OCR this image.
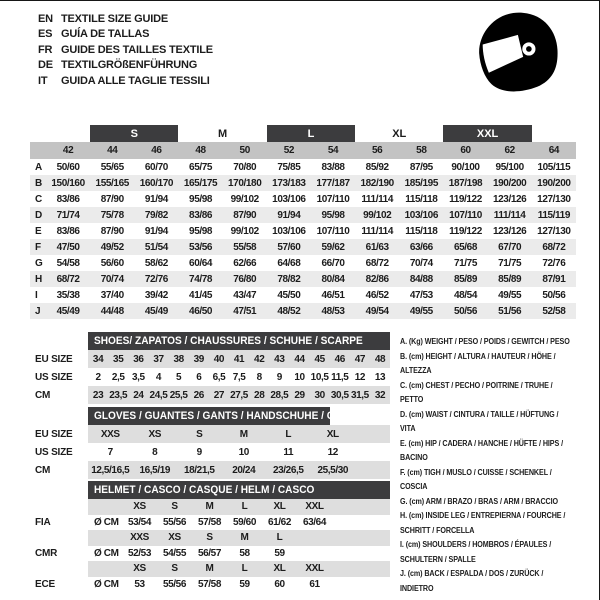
EN TEXTILE SIZE GUIDE
ES GUÍA DE TALLAS
FR GUIDE DES TAILLES TEXTILE
DE TEXTILGRÖßENFÜHRUNG
IT	GUIDA ALLE TAGLIE TESSILI
		S		M		L		XL		XXL		
	42	44	46	48	50	52	54	56	58	60	62	64
A	50/60	55/65	60/70	65/75	70/80	75/85	83/88	85/92	87/95	90/100	95/100	105/115
B	150/160	155/165	160/170	165/175	170/180	173/183	177/187	182/190	185/195	187/198	190/200	190/200
C	83/86	87/90	91/94	95/98	99/102	103/106	107/110	111/114	115/118	119/122	123/126	127/130
D	71/74	75/78	79/82	83/86	87/90	91/94	95/98	99/102	103/106	107/110	111/114	115/119
E	83/86	87/90	91/94	95/98	99/102	103/106	107/110	111/114	115/118	119/122	123/126	127/130
F	47/50	49/52	51/54	53/56	55/58	57/60	59/62	61/63	63/66	65/68	67/70	68/72
G	54/58	56/60	58/62	60/64	62/66	64/68	66/70	68/72	70/74	71/75	71/75	72/76
H	68/72	70/74	72/76	74/78	76/80	78/82	80/84	82/86	84/88	85/89	85/89	87/91
I	35/38	37/40	39/42	41/45	43/47	45/50	46/51	46/52	47/53	48/54	49/55	50/56
J	45/49	44/48	45/49	46/50	47/51	48/52	48/53	49/54	49/55	50/56	51/56	52/58
SHOES/ ZAPATOS / CHAUSSURES / SCHUHE / SCARPE
EU SIZE	34 35 36 37 38 39 40 41 42 43 44 45 46 47 48
US SIZE	2	2,5 3,5	4	5	6	6,5 7,5	8	9	10 10,5 11,5 12 13
CM	23 23,5 24 24,5 25,5 26 27 27,5 28 28,5 29 30 30,5 31,5 32
GLOVES / GUANTES / GANTS / HANDSCHUHE / GUANTI
EU SIZE	XXS	XS	S	M	L	XL
US SIZE	7	8	9	10	11	12
CM	12,5/16,5	16,5/19	18/21,5	20/24	23/26,5	25,5/30
HELMET / CASCO / CASQUE / HELM / CASCO
XS	S	M	L	XL	XXL
FIA	Ø CM 53/54	55/56	57/58	59/60	61/62	63/64
XXS	XS	S	M	L
CMR	Ø CM 52/53	54/55	56/57	58	59
XS	S	M	L	XL	XXL
ECE	Ø CM	53	55/56	57/58	59	60	61
A. (Kg) WEIGHT / PESO / POIDS / GEWITCH / PESO
B. (cm) HEIGHT / ALTURA / HAUTEUR / HÖHE / ALTEZZA
C. (cm) CHEST / PECHO / POITRINE / TRUHE / PETTO
D. (cm) WAIST / CINTURA / TAILLE / HÜFTUNG / VITA
E. (cm) HIP / CADERA / HANCHE / HÜFTE / HIPS / BACINO
F. (cm) TIGH / MUSLO / CUISSE / SCHENKEL / COSCIA
G. (cm) ARM / BRAZO / BRAS / ARM / BRACCIO
H. (cm) INSIDE LEG / ENTREPIERNA / FOURCHE / SCHRITT / FORCELLA
I. (cm) SHOULDERS / HOMBROS / ÉPAULES / SCHULTERN / SPALLE
J. (cm) BACK / ESPALDA / DOS / ZURÜCK / INDIETRO
